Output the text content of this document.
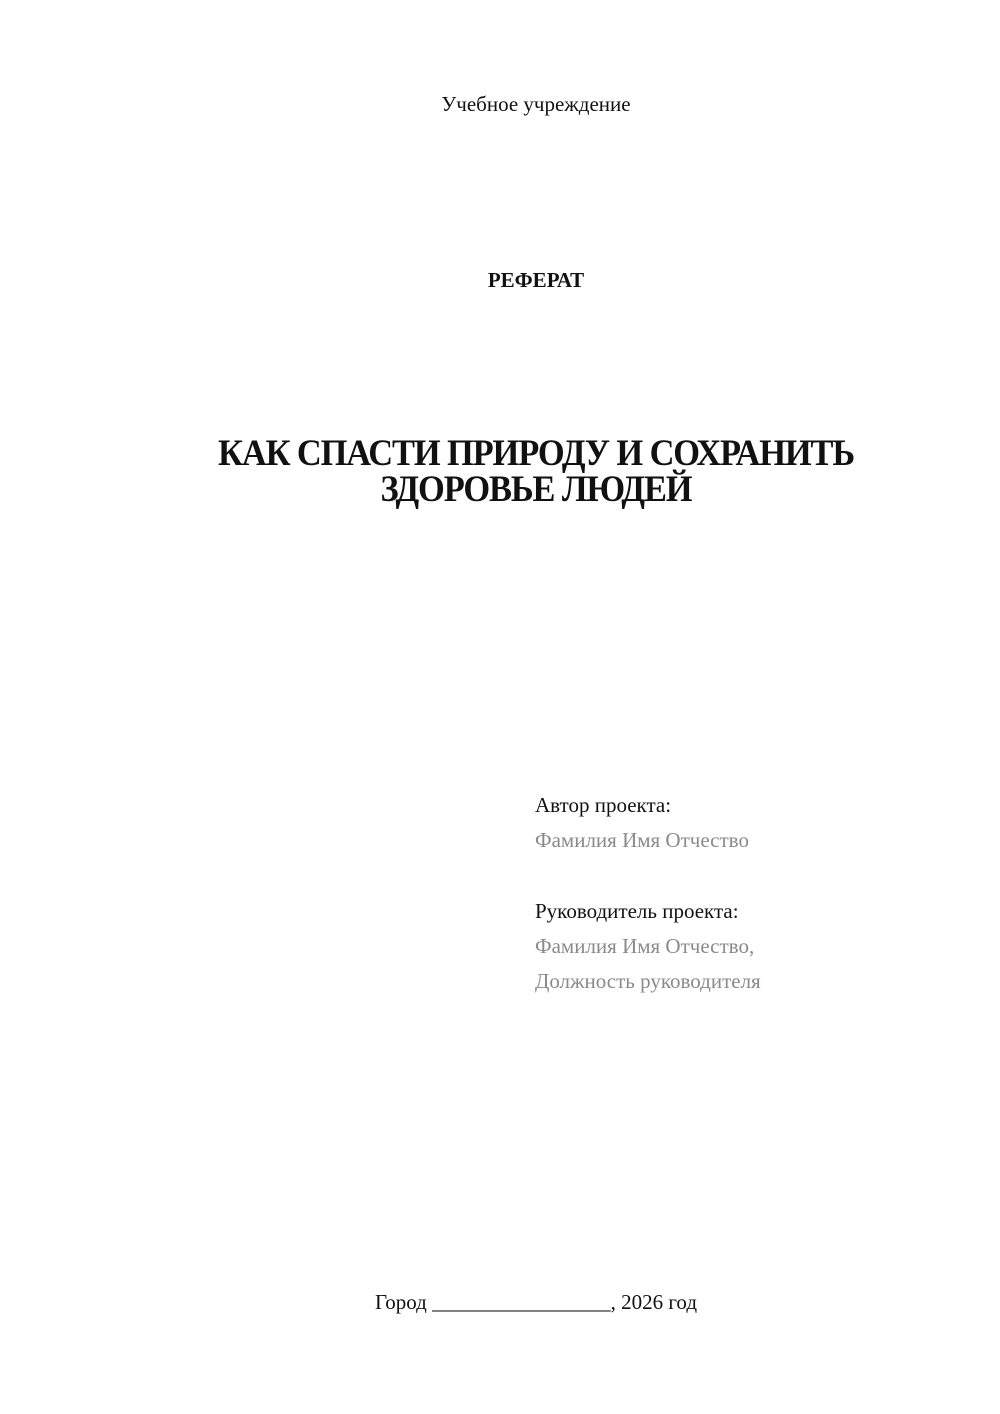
Учебное учреждение
РЕФЕРАТ
КАК СПАСТИ ПРИРОДУ И СОХРАНИТЬ
ЗДОРОВЬЕ ЛЮДЕЙ
Автор проекта:
Фамилия Имя Отчество
Руководитель проекта:
Фамилия Имя Отчество,
Должность руководителя
Город _________________, 2026 год
